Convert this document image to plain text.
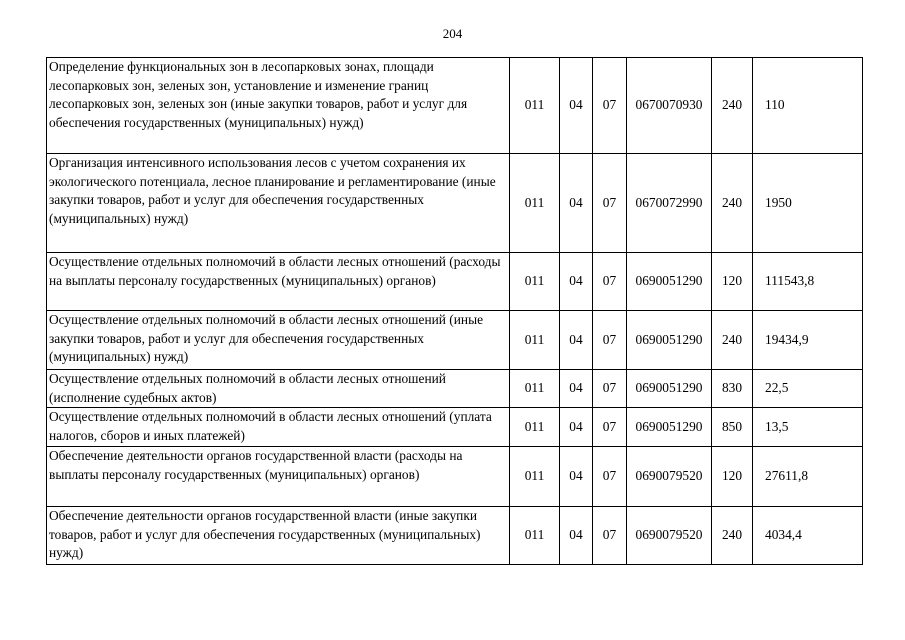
204
Определение функциональных зон в лесопарковых зонах, площади лесопарковых зон, зеленых зон, установление и изменение границ лесопарковых зон, зеленых зон (иные закупки товаров, работ и услуг для обеспечения государственных (муниципальных) нужд)	011	04	07	0670070930	240	110
Организация интенсивного использования лесов с учетом сохранения их экологического потенциала, лесное планирование и регламентирование (иные закупки товаров, работ и услуг для обеспечения государственных (муниципальных) нужд)	011	04	07	0670072990	240	1950
Осуществление отдельных полномочий в области лесных отношений (расходы на выплаты персоналу государственных (муниципальных) органов)	011	04	07	0690051290	120	111543,8
Осуществление отдельных полномочий в области лесных отношений (иные закупки товаров, работ и услуг для обеспечения государственных (муниципальных) нужд)	011	04	07	0690051290	240	19434,9
Осуществление отдельных полномочий в области лесных отношений (исполнение судебных актов)	011	04	07	0690051290	830	22,5
Осуществление отдельных полномочий в области лесных отношений (уплата налогов, сборов и иных платежей)	011	04	07	0690051290	850	13,5
Обеспечение деятельности органов государственной власти (расходы на выплаты персоналу государственных (муниципальных) органов)	011	04	07	0690079520	120	27611,8
Обеспечение деятельности органов государственной власти (иные закупки товаров, работ и услуг для обеспечения государственных (муниципальных) нужд)	011	04	07	0690079520	240	4034,4
